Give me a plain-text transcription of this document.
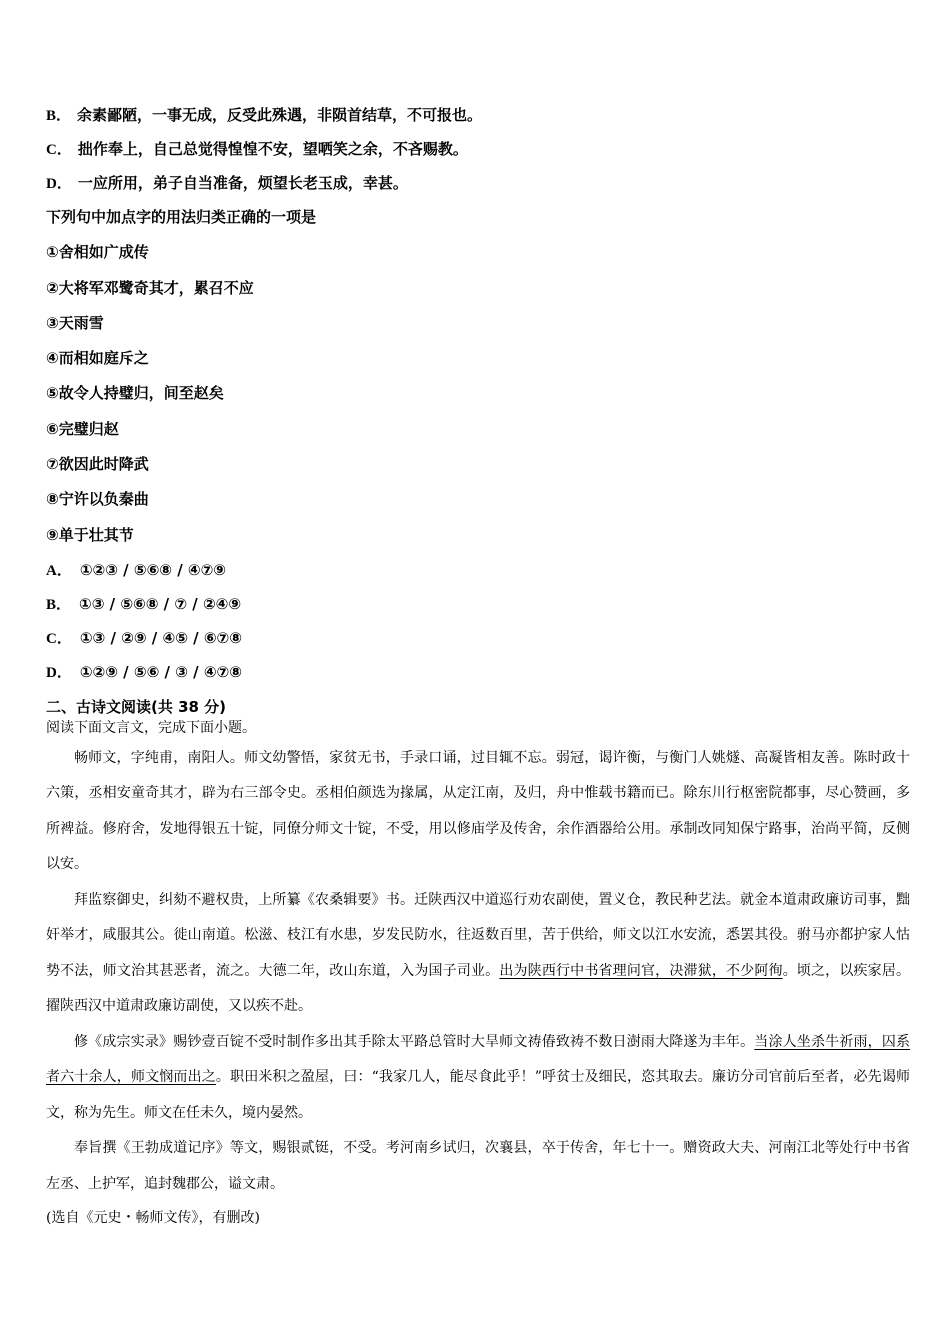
B． 余素鄙陋，一事无成，反受此殊遇，非陨首结草，不可报也。
C． 拙作奉上，自己总觉得惶惶不安，望哂笑之余，不吝赐教。
D． 一应所用，弟子自当准备，烦望长老玉成，幸甚。
下列句中加点字的用法归类正确的一项是
①舍相如广成传
②大将军邓鹭奇其才，累召不应
③天雨雪
④而相如庭斥之
⑤故令人持璧归，间至赵矣
⑥完璧归赵
⑦欲因此时降武
⑧宁许以负秦曲
⑨单于壮其节
A． ①②③ / ⑤⑥⑧ / ④⑦⑨
B． ①③ / ⑤⑥⑧ / ⑦ / ②④⑨
C． ①③ / ②⑨ / ④⑤ / ⑥⑦⑧
D． ①②⑨ / ⑤⑥ / ③ / ④⑦⑧
二、古诗文阅读(共 38 分)
阅读下面文言文，完成下面小题。

畅师文，字纯甫，南阳人。师文幼警悟，家贫无书，手录口诵，过目辄不忘。弱冠，谒许衡，与衡门人姚燧、高凝皆相友善。陈时政十六策，丞相安童奇其才，辟为右三部令史。丞相伯颜选为掾属，从定江南，及归，舟中惟载书籍而已。除东川行枢密院都事，尽心赞画，多所裨益。修府舍，发地得银五十锭，同僚分师文十锭，不受，用以修庙学及传舍，余作酒器给公用。承制改同知保宁路事，治尚平简，反侧以安。

拜监察御史，纠劾不避权贵，上所纂《农桑辑要》书。迁陕西汉中道巡行劝农副使，置义仓，教民种艺法。就金本道肃政廉访司事，黜奸举才，咸服其公。徙山南道。松滋、枝江有水患，岁发民防水，往返数百里，苦于供给，师文以江水安流，悉罢其役。驸马亦都护家人怙势不法，师文治其甚恶者，流之。大德二年，改山东道，入为国子司业。出为陕西行中书省理问官，决滞狱，不少阿徇。顷之，以疾家居。擢陕西汉中道肃政廉访副使，又以疾不赴。

修《成宗实录》赐钞壹百锭不受时制作多出其手除太平路总管时大旱师文祷偆致祷不数日澍雨大降遂为丰年。当涂人坐杀牛祈雨，囚系者六十余人，师文悯而出之。职田米积之盈屋，曰：“我家几人，能尽食此乎！”呼贫士及细民，恣其取去。廉访分司官前后至者，必先谒师文，称为先生。师文在任未久，境内晏然。

奉旨撰《王勃成道记序》等文，赐银贰铤，不受。考河南乡试归，次襄县，卒于传舍，年七十一。赠资政大夫、河南江北等处行中书省左丞、上护军，追封魏郡公，谥文肃。

(选自《元史・畅师文传》，有删改)
